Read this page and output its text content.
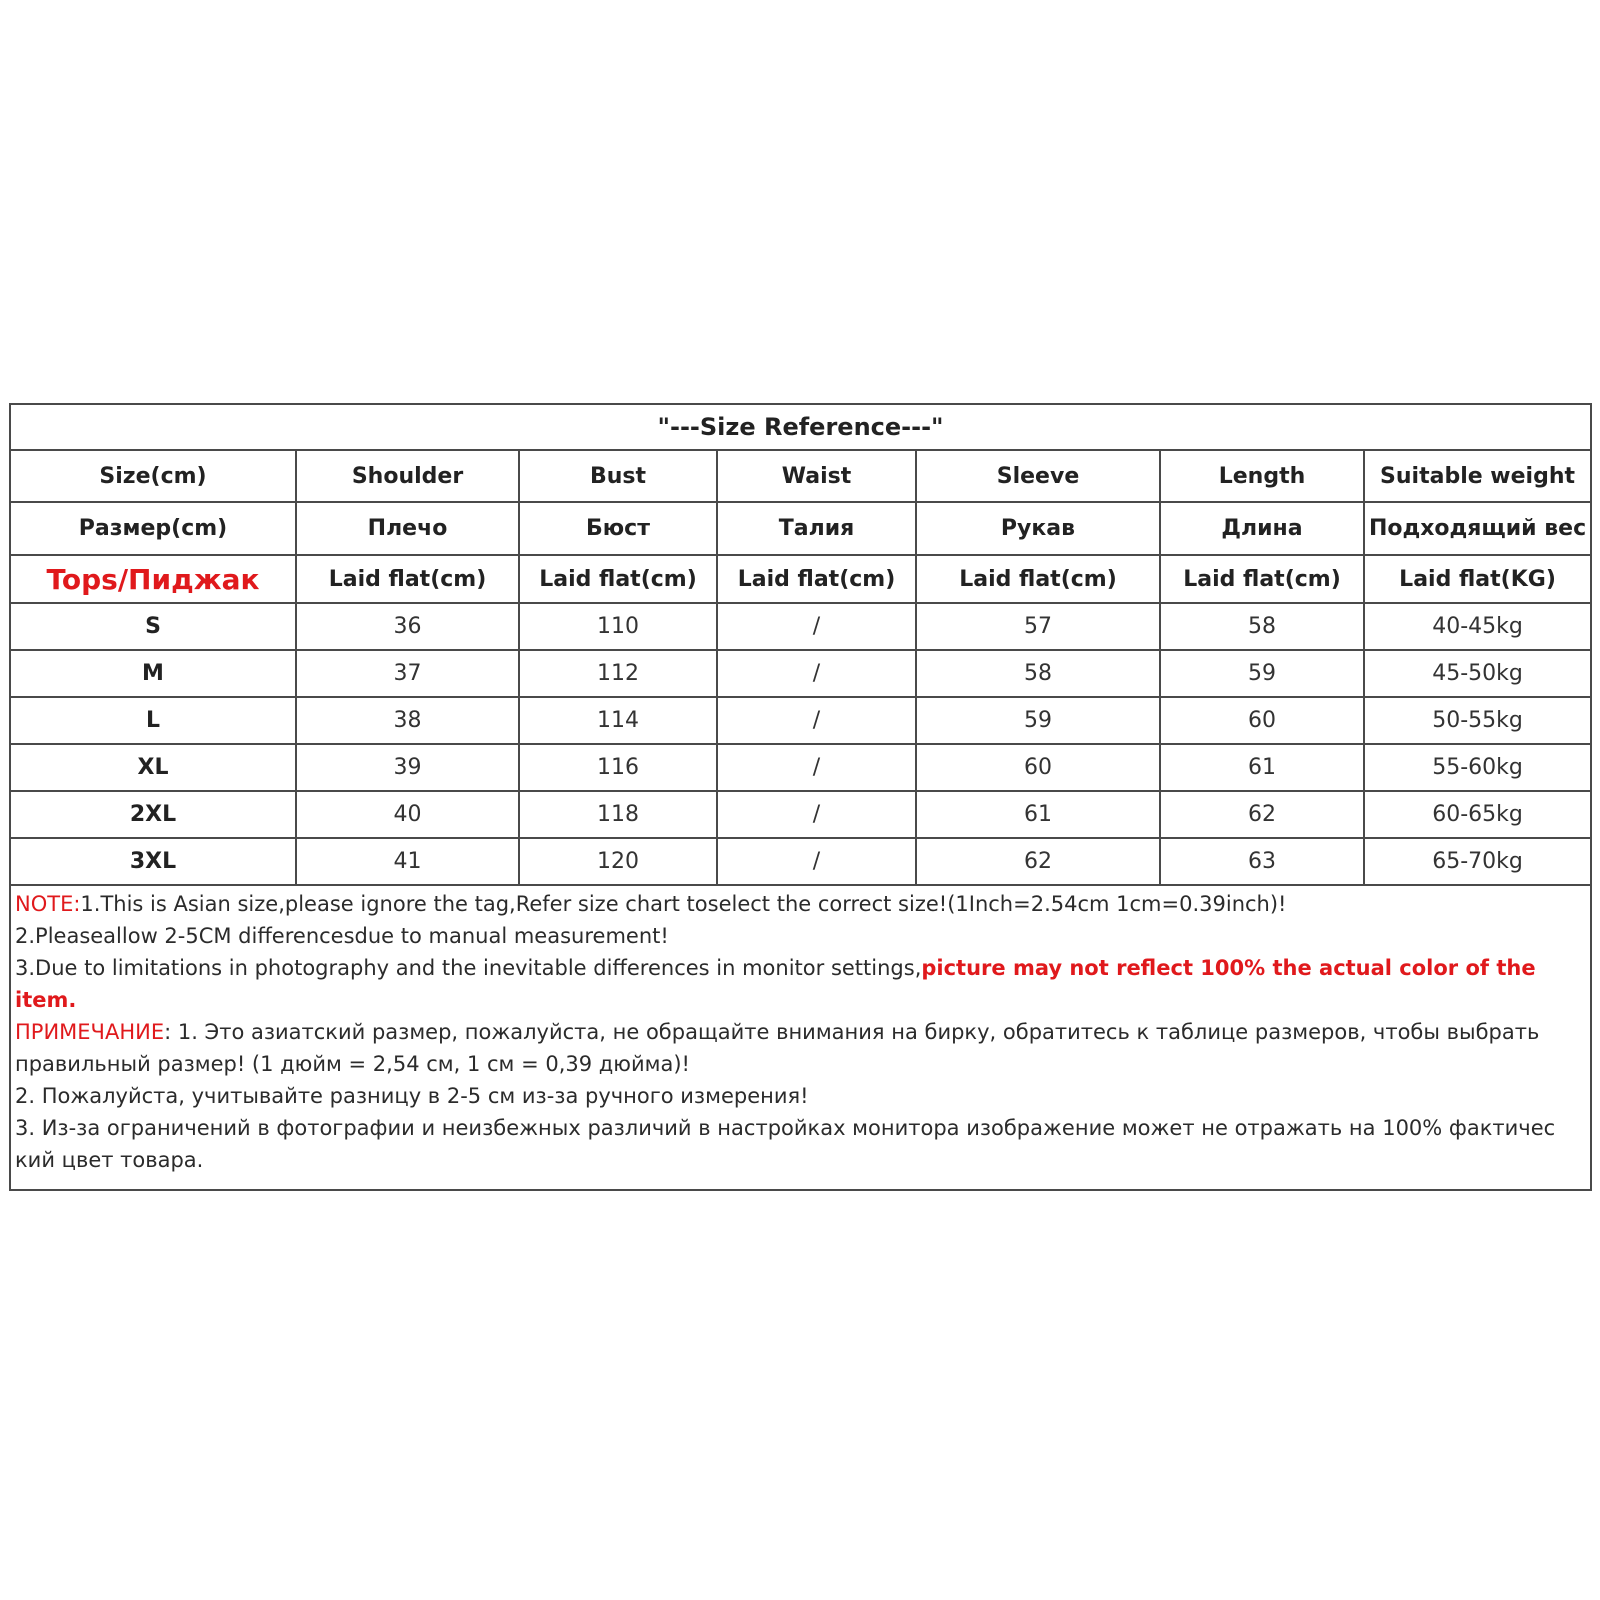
"---Size Reference---"						
Size(cm)	Shoulder	Bust	Waist	Sleeve	Length	Suitable weight
Размер(cm)	Плечо	Бюст	Талия	Рукав	Длина	Подходящий вес
Tops/Пиджак	Laid flat(cm)	Laid flat(cm)	Laid flat(cm)	Laid flat(cm)	Laid flat(cm)	Laid flat(KG)
S	36	110	/	57	58	40-45kg
M	37	112	/	58	59	45-50kg
L	38	114	/	59	60	50-55kg
XL	39	116	/	60	61	55-60kg
2XL	40	118	/	61	62	60-65kg
3XL	41	120	/	62	63	65-70kg

NOTE:1.This is Asian size,please ignore the tag,Refer size chart toselect the correct size!(1Inch=2.54cm 1cm=0.39inch)!

2.Pleaseallow 2-5CM differencesdue to manual measurement!

3.Due to limitations in photography and the inevitable differences in monitor settings,picture may not reflect 100% the actual color of the item.

ПРИМЕЧАНИЕ: 1. Это азиатский размер, пожалуйста, не обращайте внимания на бирку, обратитесь к таблице размеров, чтобы выбрать правильный размер! (1 дюйм = 2,54 см, 1 см = 0,39 дюйма)!

2. Пожалуйста, учитывайте разницу в 2-5 см из-за ручного измерения!

3. Из-за ограничений в фотографии и неизбежных различий в настройках монитора изображение может не отражать на 100% фактичес кий цвет товара.
